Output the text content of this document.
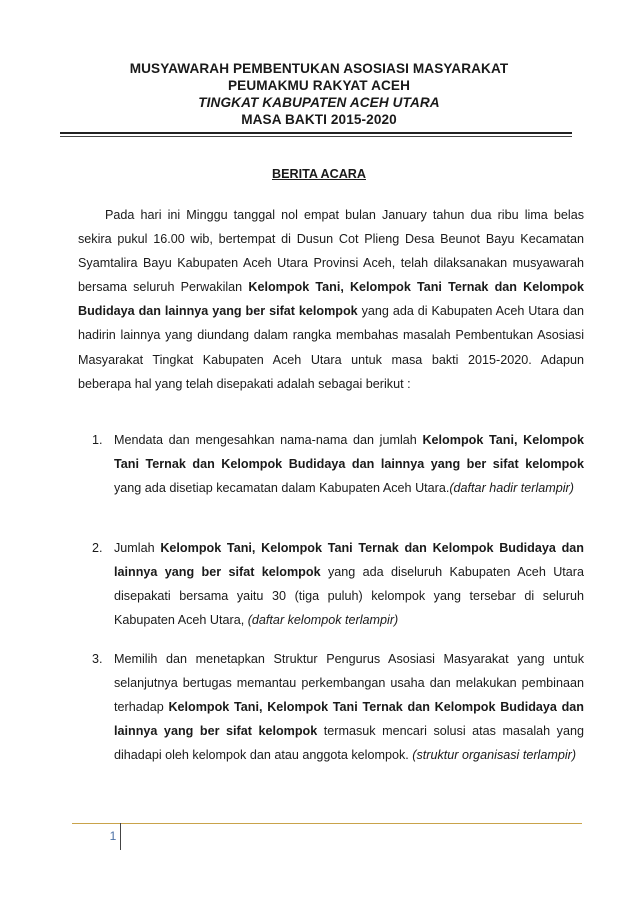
MUSYAWARAH PEMBENTUKAN ASOSIASI MASYARAKAT
PEUMAKMU RAKYAT ACEH
TINGKAT KABUPATEN ACEH UTARA
MASA BAKTI 2015-2020
BERITA ACARA

Pada hari ini Minggu tanggal nol empat bulan January tahun dua ribu lima belas sekira pukul 16.00 wib, bertempat di Dusun Cot Plieng Desa Beunot Bayu Kecamatan Syamtalira Bayu Kabupaten Aceh Utara Provinsi Aceh, telah dilaksanakan musyawarah bersama seluruh Perwakilan Kelompok Tani, Kelompok Tani Ternak dan Kelompok Budidaya dan lainnya yang ber sifat kelompok yang ada di Kabupaten Aceh Utara dan hadirin lainnya yang diundang dalam rangka membahas masalah Pembentukan Asosiasi Masyarakat Tingkat Kabupaten Aceh Utara untuk masa bakti 2015-2020. Adapun beberapa hal yang telah disepakati adalah sebagai berikut :

1. Mendata dan mengesahkan nama-nama dan jumlah Kelompok Tani, Kelompok Tani Ternak dan Kelompok Budidaya dan lainnya yang ber sifat kelompok yang ada disetiap kecamatan dalam Kabupaten Aceh Utara.(daftar hadir terlampir)
2. Jumlah Kelompok Tani, Kelompok Tani Ternak dan Kelompok Budidaya dan lainnya yang ber sifat kelompok yang ada diseluruh Kabupaten Aceh Utara disepakati bersama yaitu 30 (tiga puluh) kelompok yang tersebar di seluruh Kabupaten Aceh Utara, (daftar kelompok terlampir)
3. Memilih dan menetapkan Struktur Pengurus Asosiasi Masyarakat yang untuk selanjutnya bertugas memantau perkembangan usaha dan melakukan pembinaan terhadap Kelompok Tani, Kelompok Tani Ternak dan Kelompok Budidaya dan lainnya yang ber sifat kelompok termasuk mencari solusi atas masalah yang dihadapi oleh kelompok dan atau anggota kelompok. (struktur organisasi terlampir)
1
